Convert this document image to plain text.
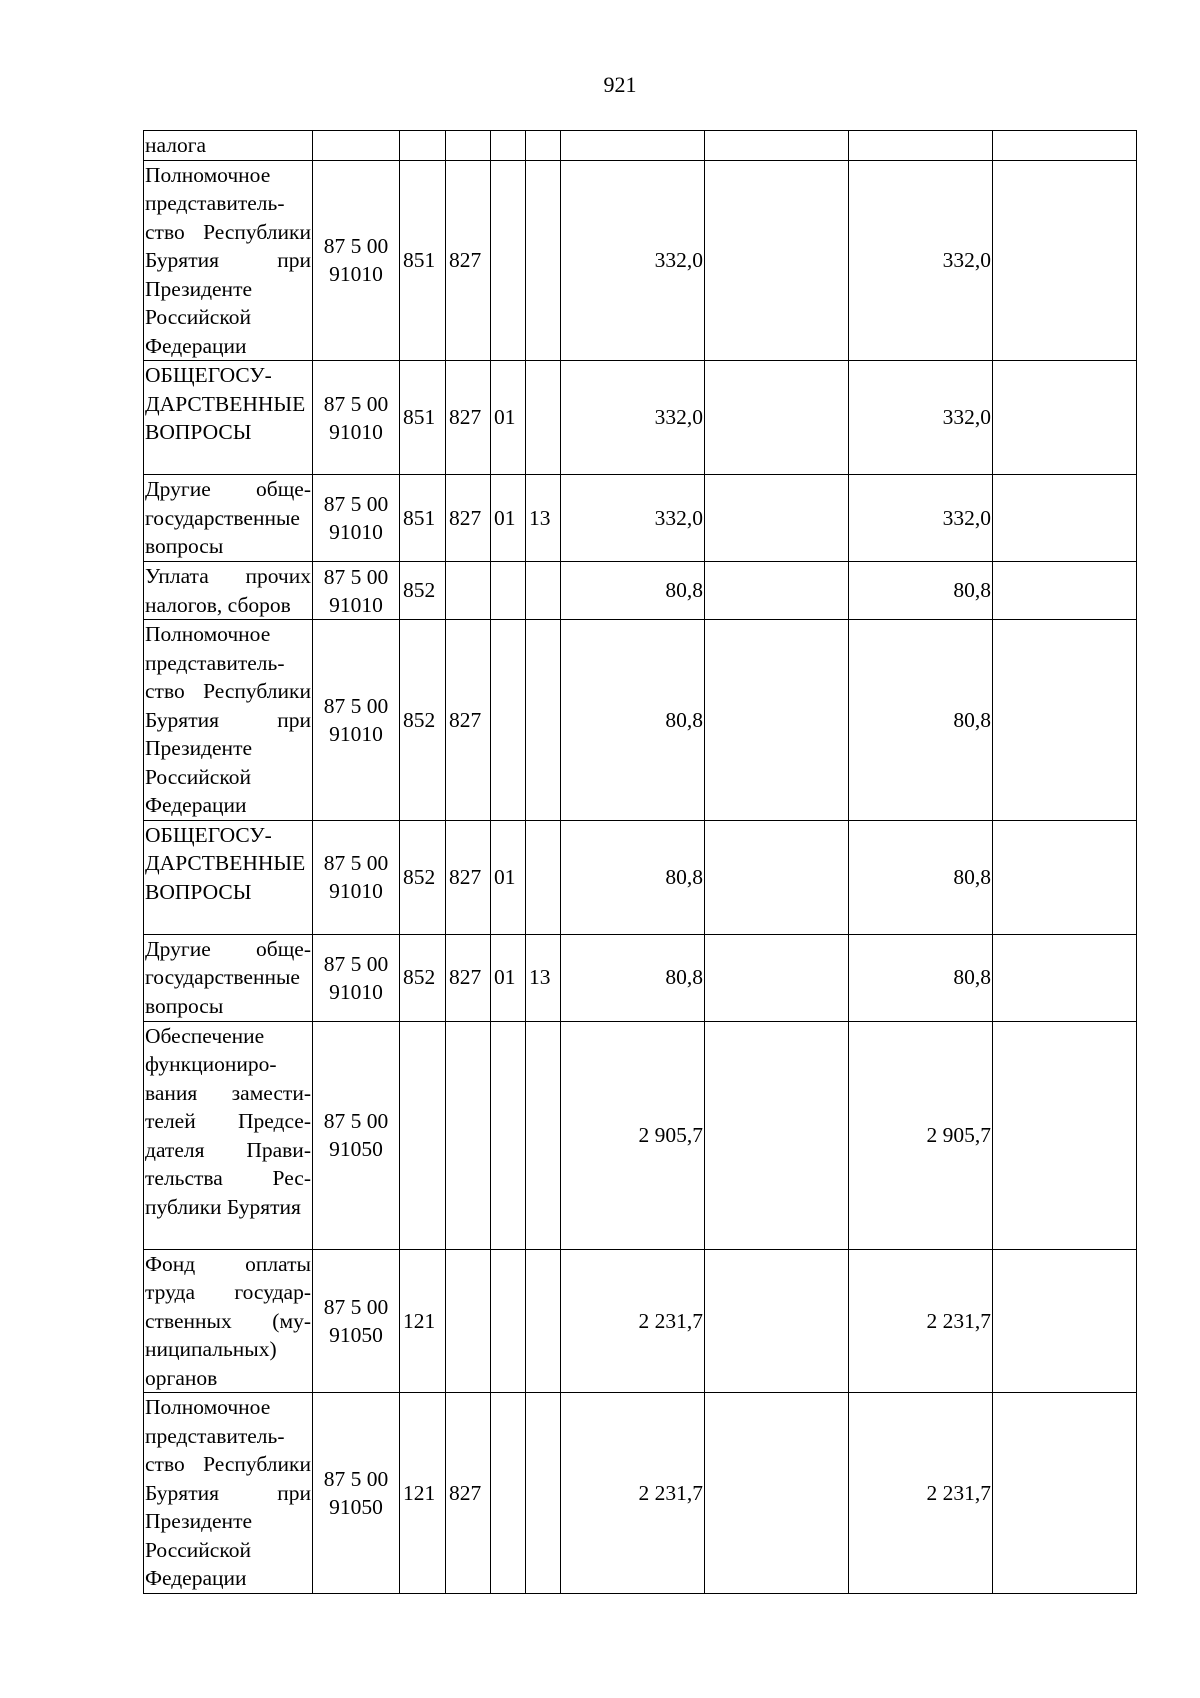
921
налога									
Полномочное представительство Республики Бурятия при Президенте Российской Федерации	87 5 00 91010	851	827			332,0		332,0	
ОБЩЕГОСУДАРСТВЕННЫЕ ВОПРОСЫ	87 5 00 91010	851	827	01		332,0		332,0	
Другие общегосударственные вопросы	87 5 00 91010	851	827	01	13	332,0		332,0	
Уплата прочих налогов, сборов	87 5 00 91010	852				80,8		80,8	
Полномочное представительство Республики Бурятия при Президенте Российской Федерации	87 5 00 91010	852	827			80,8		80,8	
ОБЩЕГОСУДАРСТВЕННЫЕ ВОПРОСЫ	87 5 00 91010	852	827	01		80,8		80,8	
Другие общегосударственные вопросы	87 5 00 91010	852	827	01	13	80,8		80,8	
Обеспечение функционирования заместителей Председателя Правительства Республики Бурятия	87 5 00 91050					2 905,7		2 905,7	
Фонд оплаты труда государственных (муниципальных) органов	87 5 00 91050	121				2 231,7		2 231,7	
Полномочное представительство Республики Бурятия при Президенте Российской Федерации	87 5 00 91050	121	827			2 231,7		2 231,7	
